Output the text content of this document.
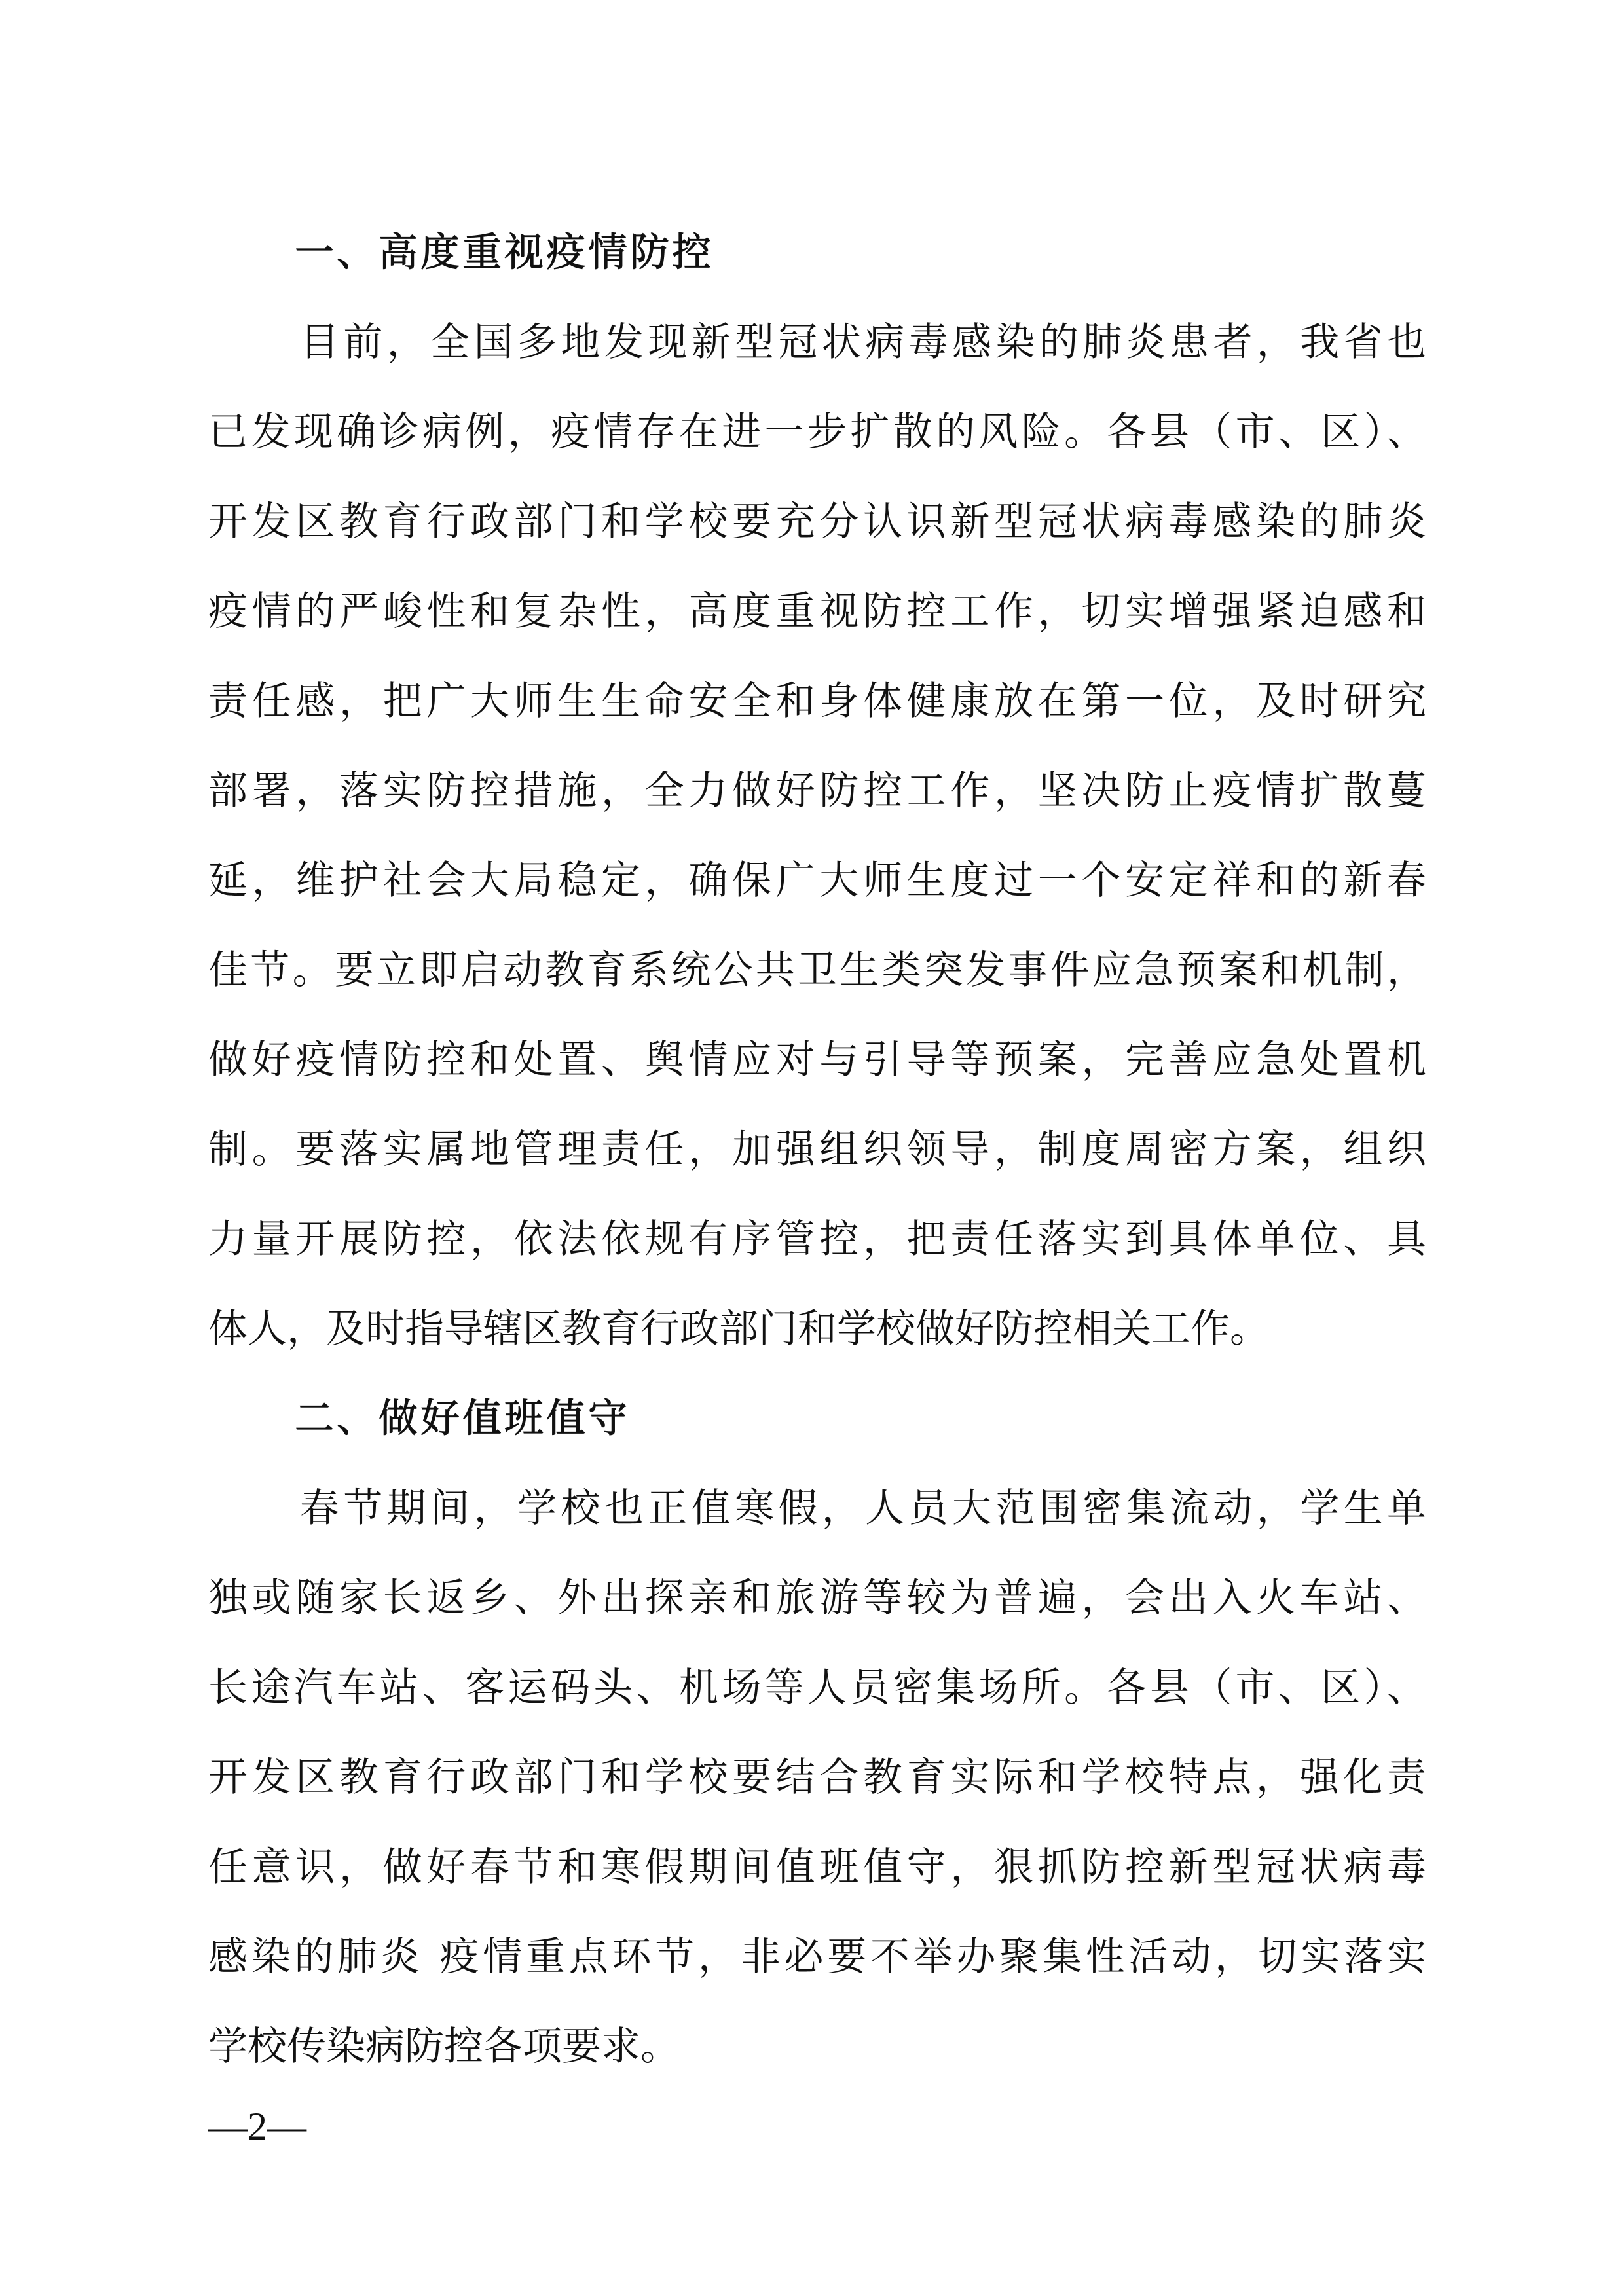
一、高度重视疫情防控

目前，全国多地发现新型冠状病毒感染的肺炎患者，我省也
已发现确诊病例，疫情存在进一步扩散的风险。各县（市、区）、
开发区教育行政部门和学校要充分认识新型冠状病毒感染的肺炎
疫情的严峻性和复杂性，高度重视防控工作，切实增强紧迫感和
责任感，把广大师生生命安全和身体健康放在第一位，及时研究
部署，落实防控措施，全力做好防控工作，坚决防止疫情扩散蔓
延，维护社会大局稳定，确保广大师生度过一个安定祥和的新春
佳节。要立即启动教育系统公共卫生类突发事件应急预案和机制，
做好疫情防控和处置、舆情应对与引导等预案，完善应急处置机
制。要落实属地管理责任，加强组织领导，制度周密方案，组织
力量开展防控，依法依规有序管控，把责任落实到具体单位、具
体人，及时指导辖区教育行政部门和学校做好防控相关工作。

二、做好值班值守

春节期间，学校也正值寒假，人员大范围密集流动，学生单
独或随家长返乡、外出探亲和旅游等较为普遍，会出入火车站、
长途汽车站、客运码头、机场等人员密集场所。各县（市、区）、
开发区教育行政部门和学校要结合教育实际和学校特点，强化责
任意识，做好春节和寒假期间值班值守，狠抓防控新型冠状病毒
感染的肺炎 疫情重点环节，非必要不举办聚集性活动，切实落实
学校传染病防控各项要求。

—2—
